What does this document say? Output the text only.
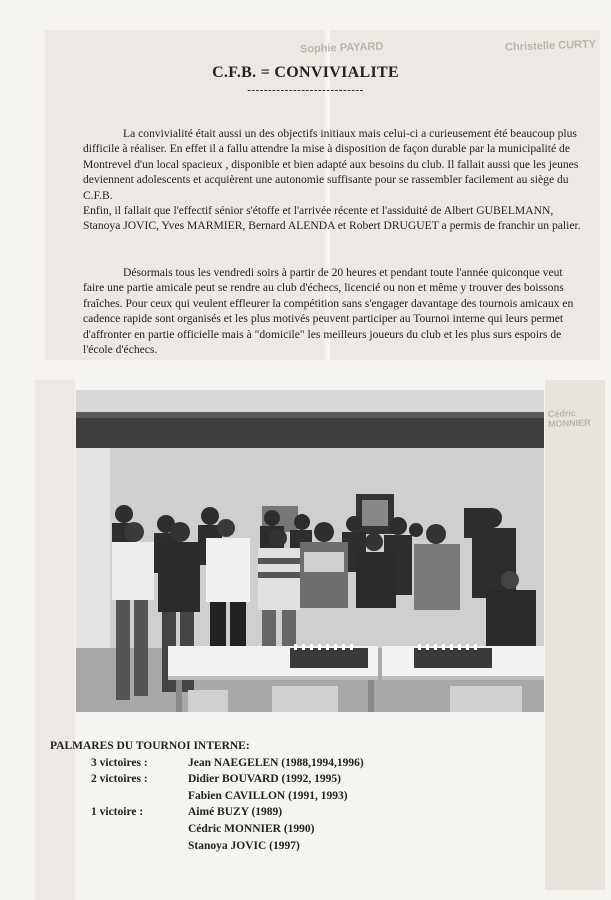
Christelle CURTY
Sophie PAYARD
Cédric MONNIER
C.F.B. = CONVIVIALITE
----------------------------

La convivialité était aussi un des objectifs initiaux mais celui-ci a curieusement été beaucoup plus difficile à réaliser. En effet il a fallu attendre la mise à disposition de façon durable par la municipalité de Montrevel d'un local spacieux , disponible et bien adapté aux besoins du club. Il fallait aussi que les jeunes deviennent adolescents et acquièrent une autonomie suffisante pour se rassembler facilement au siège du C.F.B.

Enfin, il fallait que l'effectif sénior s'étoffe et l'arrivée récente et l'assiduité de Albert GUBELMANN, Stanoya JOVIC, Yves MARMIER, Bernard ALENDA et Robert DRUGUET a permis de franchir un palier.

Désormais tous les vendredi soirs à partir de 20 heures et pendant toute l'année quiconque veut faire une partie amicale peut se rendre au club d'échecs, licencié ou non et même y trouver des boissons fraîches. Pour ceux qui veulent effleurer la compétition sans s'engager davantage des tournois amicaux en cadence rapide sont organisés et les plus motivés peuvent participer au Tournoi interne qui leurs permet d'affronter en partie officielle mais à "domicile" les meilleurs joueurs du club et les plus surs espoirs de l'école d'échecs.

PALMARES DU TOURNOI INTERNE:
3 victoires :	Jean NAEGELEN (1988,1994,1996)
2 victoires :	Didier BOUVARD (1992, 1995)
Fabien CAVILLON (1991, 1993)
1 victoire :	Aimé BUZY (1989)
Cédric MONNIER (1990)
Stanoya JOVIC (1997)
